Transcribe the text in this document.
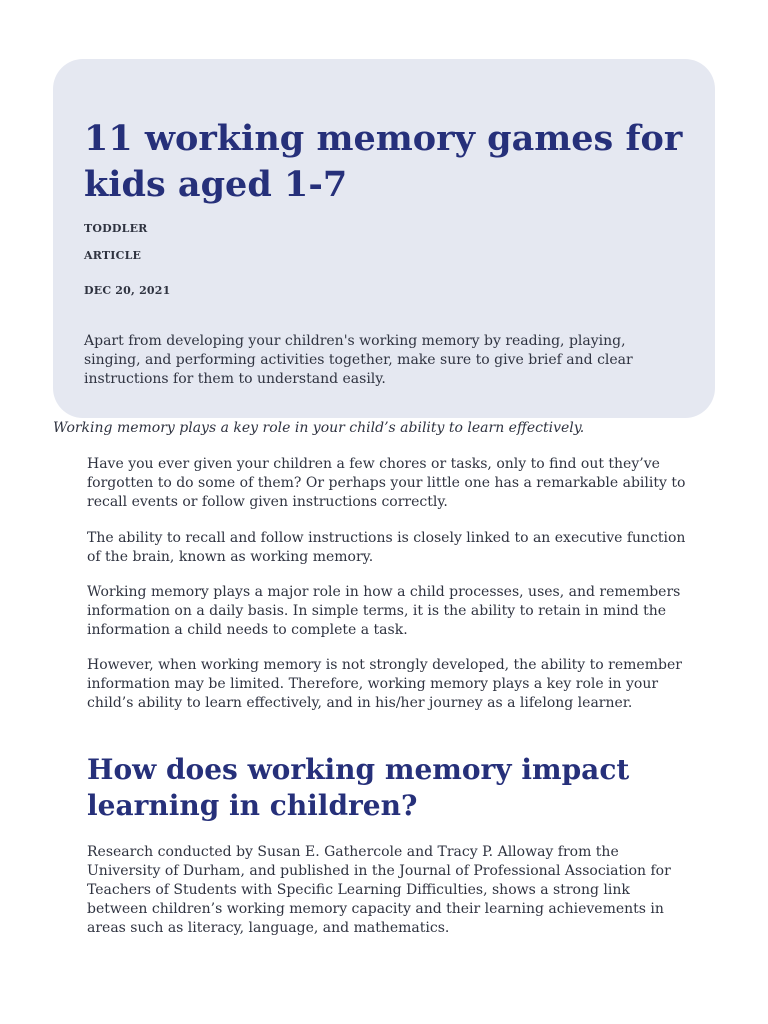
11 working memory games for kids aged 1-7

TODDLER

ARTICLE

DEC 20, 2021

Apart from developing your children's working memory by reading, playing, singing, and performing activities together, make sure to give brief and clear instructions for them to understand easily.

Working memory plays a key role in your child’s ability to learn effectively.

Have you ever given your children a few chores or tasks, only to find out they’ve forgotten to do some of them? Or perhaps your little one has a remarkable ability to recall events or follow given instructions correctly.

The ability to recall and follow instructions is closely linked to an executive function of the brain, known as working memory.

Working memory plays a major role in how a child processes, uses, and remembers information on a daily basis. In simple terms, it is the ability to retain in mind the information a child needs to complete a task.

However, when working memory is not strongly developed, the ability to remember information may be limited. Therefore, working memory plays a key role in your child’s ability to learn effectively, and in his/her journey as a lifelong learner.

How does working memory impact learning in children?

Research conducted by Susan E. Gathercole and Tracy P. Alloway from the University of Durham, and published in the Journal of Professional Association for Teachers of Students with Specific Learning Difficulties, shows a strong link between children’s working memory capacity and their learning achievements in areas such as literacy, language, and mathematics.
